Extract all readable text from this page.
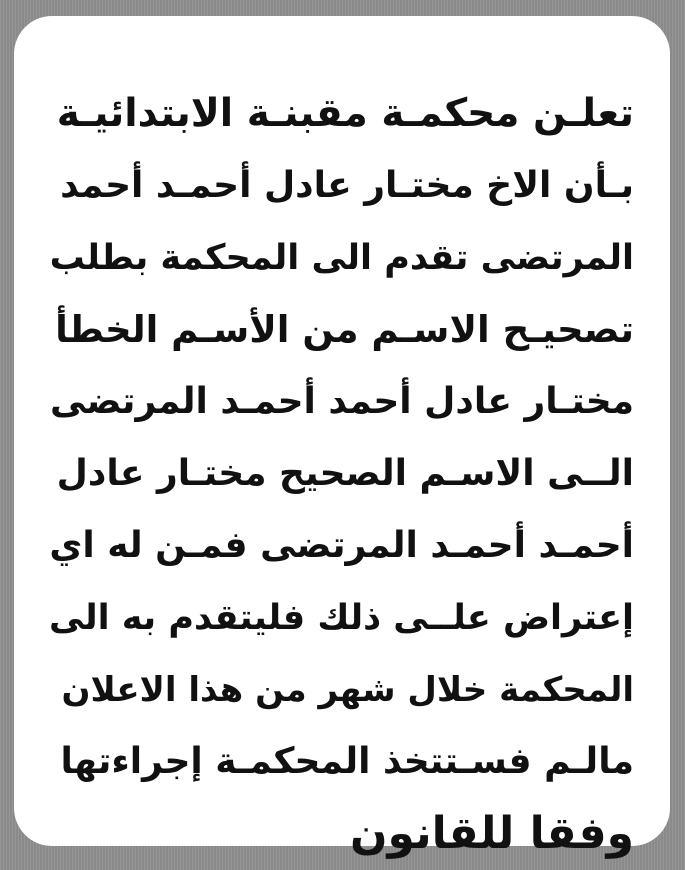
تعلـن محكمـة مقبنـة الابتدائيـة
بـأن الاخ مختـار عادل أحمـد أحمد
المرتضى تقدم الى المحكمة بطلب
تصحيـح الاسـم من الأسـم الخطأ
مختـار عادل أحمد أحمـد المرتضى
الــى الاسـم الصحيح مختـار عادل
أحمـد أحمـد المرتضى فمـن له اي
إعتراض علــى ذلك فليتقدم به الى
المحكمة خلال شهر من هذا الاعلان
مالـم فسـتتخذ المحكمـة إجراءتها
وفقا للقانون
